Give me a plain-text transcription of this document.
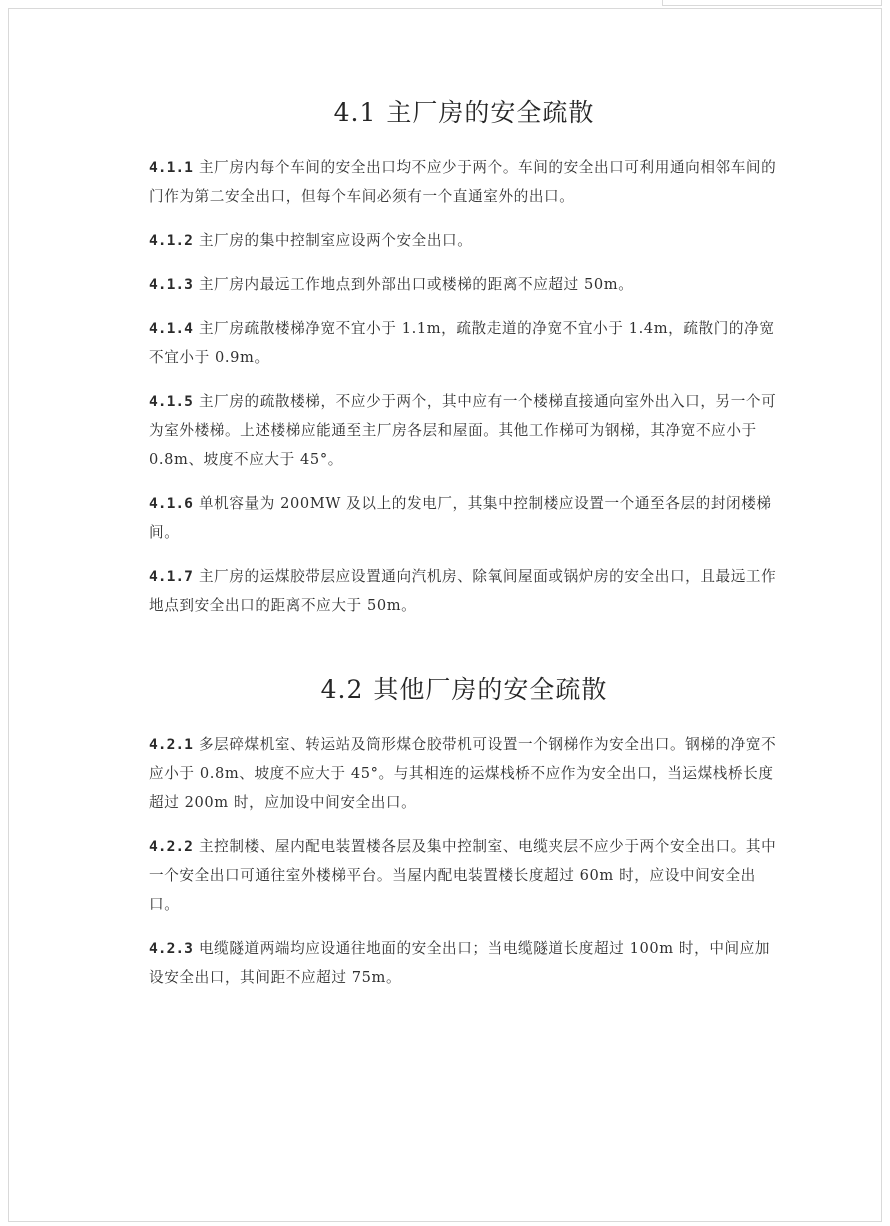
4.1 主厂房的安全疏散

4.1.1 主厂房内每个车间的安全出口均不应少于两个。车间的安全出口可利用通向相邻车间的门作为第二安全出口，但每个车间必须有一个直通室外的出口。

4.1.2 主厂房的集中控制室应设两个安全出口。

4.1.3 主厂房内最远工作地点到外部出口或楼梯的距离不应超过 50m。

4.1.4 主厂房疏散楼梯净宽不宜小于 1.1m，疏散走道的净宽不宜小于 1.4m，疏散门的净宽不宜小于 0.9m。

4.1.5 主厂房的疏散楼梯，不应少于两个，其中应有一个楼梯直接通向室外出入口，另一个可为室外楼梯。上述楼梯应能通至主厂房各层和屋面。其他工作梯可为钢梯，其净宽不应小于 0.8m、坡度不应大于 45°。

4.1.6 单机容量为 200MW 及以上的发电厂，其集中控制楼应设置一个通至各层的封闭楼梯间。

4.1.7 主厂房的运煤胶带层应设置通向汽机房、除氧间屋面或锅炉房的安全出口，且最远工作地点到安全出口的距离不应大于 50m。

4.2 其他厂房的安全疏散

4.2.1 多层碎煤机室、转运站及筒形煤仓胶带机可设置一个钢梯作为安全出口。钢梯的净宽不应小于 0.8m、坡度不应大于 45°。与其相连的运煤栈桥不应作为安全出口，当运煤栈桥长度超过 200m 时，应加设中间安全出口。

4.2.2 主控制楼、屋内配电装置楼各层及集中控制室、电缆夹层不应少于两个安全出口。其中一个安全出口可通往室外楼梯平台。当屋内配电装置楼长度超过 60m 时，应设中间安全出口。

4.2.3 电缆隧道两端均应设通往地面的安全出口；当电缆隧道长度超过 100m 时，中间应加设安全出口，其间距不应超过 75m。
